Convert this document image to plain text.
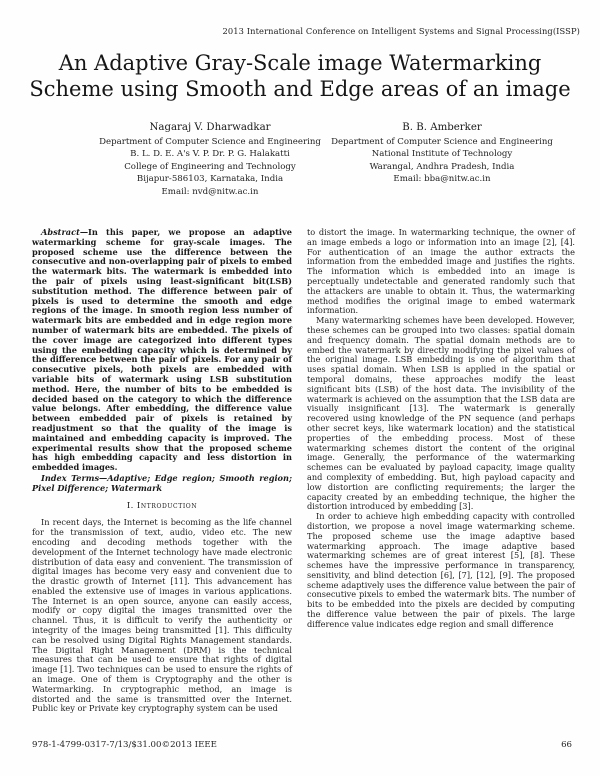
2013 International Conference on Intelligent Systems and Signal Processing(ISSP)
An Adaptive Gray-Scale image Watermarking
Scheme using Smooth and Edge areas of an image
Nagaraj V. Dharwadkar
Department of Computer Science and Engineering
B. L. D. E. A's V. P. Dr. P. G. Halakatti
College of Engineering and Technology
Bijapur-586103, Karnataka, India
Email: nvd@nitw.ac.in
B. B. Amberker
Department of Computer Science and Engineering
National Institute of Technology
Warangal, Andhra Pradesh, India
Email: bba@nitw.ac.in

Abstract—In this paper, we propose an adaptive watermarking scheme for gray-scale images. The proposed scheme use the difference between the consecutive and non-overlapping pair of pixels to embed the watermark bits. The watermark is embedded into the pair of pixels using least-significant bit(LSB) substitution method. The difference between pair of pixels is used to determine the smooth and edge regions of the image. In smooth region less number of watermark bits are embedded and in edge region more number of watermark bits are embedded. The pixels of the cover image are categorized into different types using the embedding capacity which is determined by the difference between the pair of pixels. For any pair of consecutive pixels, both pixels are embedded with variable bits of watermark using LSB substitution method. Here, the number of bits to be embedded is decided based on the category to which the difference value belongs. After embedding, the difference value between embedded pair of pixels is retained by readjustment so that the quality of the image is maintained and embedding capacity is improved. The experimental results show that the proposed scheme has high embedding capacity and less distortion in embedded images.

Index Terms—Adaptive; Edge region; Smooth region; Pixel Difference; Watermark

I. Introduction

In recent days, the Internet is becoming as the life channel for the transmission of text, audio, video etc. The new encoding and decoding methods together with the development of the Internet technology have made electronic distribution of data easy and convenient. The transmission of digital images has become very easy and convenient due to the drastic growth of Internet [11]. This advancement has enabled the extensive use of images in various applications. The Internet is an open source, anyone can easily access, modify or copy digital the images transmitted over the channel. Thus, it is difficult to verify the authenticity or integrity of the images being transmitted [1]. This difficulty can be resolved using Digital Rights Management standards. The Digital Right Management (DRM) is the technical measures that can be used to ensure that rights of digital image [1]. Two techniques can be used to ensure the rights of an image. One of them is Cryptography and the other is Watermarking. In cryptographic method, an image is distorted and the same is transmitted over the Internet. Public key or Private key cryptography system can be used

to distort the image. In watermarking technique, the owner of an image embeds a logo or information into an image [2], [4]. For authentication of an image the author extracts the information from the embedded image and justifies the rights. The information which is embedded into an image is perceptually undetectable and generated randomly such that the attackers are unable to obtain it. Thus, the watermarking method modifies the original image to embed watermark information.

Many watermarking schemes have been developed. However, these schemes can be grouped into two classes: spatial domain and frequency domain. The spatial domain methods are to embed the watermark by directly modifying the pixel values of the original image. LSB embedding is one of algorithm that uses spatial domain. When LSB is applied in the spatial or temporal domains, these approaches modify the least significant bits (LSB) of the host data. The invisibility of the watermark is achieved on the assumption that the LSB data are visually insignificant [13]. The watermark is generally recovered using knowledge of the PN sequence (and perhaps other secret keys, like watermark location) and the statistical properties of the embedding process. Most of these watermarking schemes distort the content of the original image. Generally, the performance of the watermarking schemes can be evaluated by payload capacity, image quality and complexity of embedding. But, high payload capacity and low distortion are conflicting requirements; the larger the capacity created by an embedding technique, the higher the distortion introduced by embedding [3].

In order to achieve high embedding capacity with controlled distortion, we propose a novel image watermarking scheme. The proposed scheme use the image adaptive based watermarking approach. The image adaptive based watermarking schemes are of great interest [5], [8]. These schemes have the impressive performance in transparency, sensitivity, and blind detection [6], [7], [12], [9]. The proposed scheme adaptively uses the difference value between the pair of consecutive pixels to embed the watermark bits. The number of bits to be embedded into the pixels are decided by computing the difference value between the pair of pixels. The large difference value indicates edge region and small difference

978-1-4799-0317-7/13/$31.00©2013 IEEE	66
